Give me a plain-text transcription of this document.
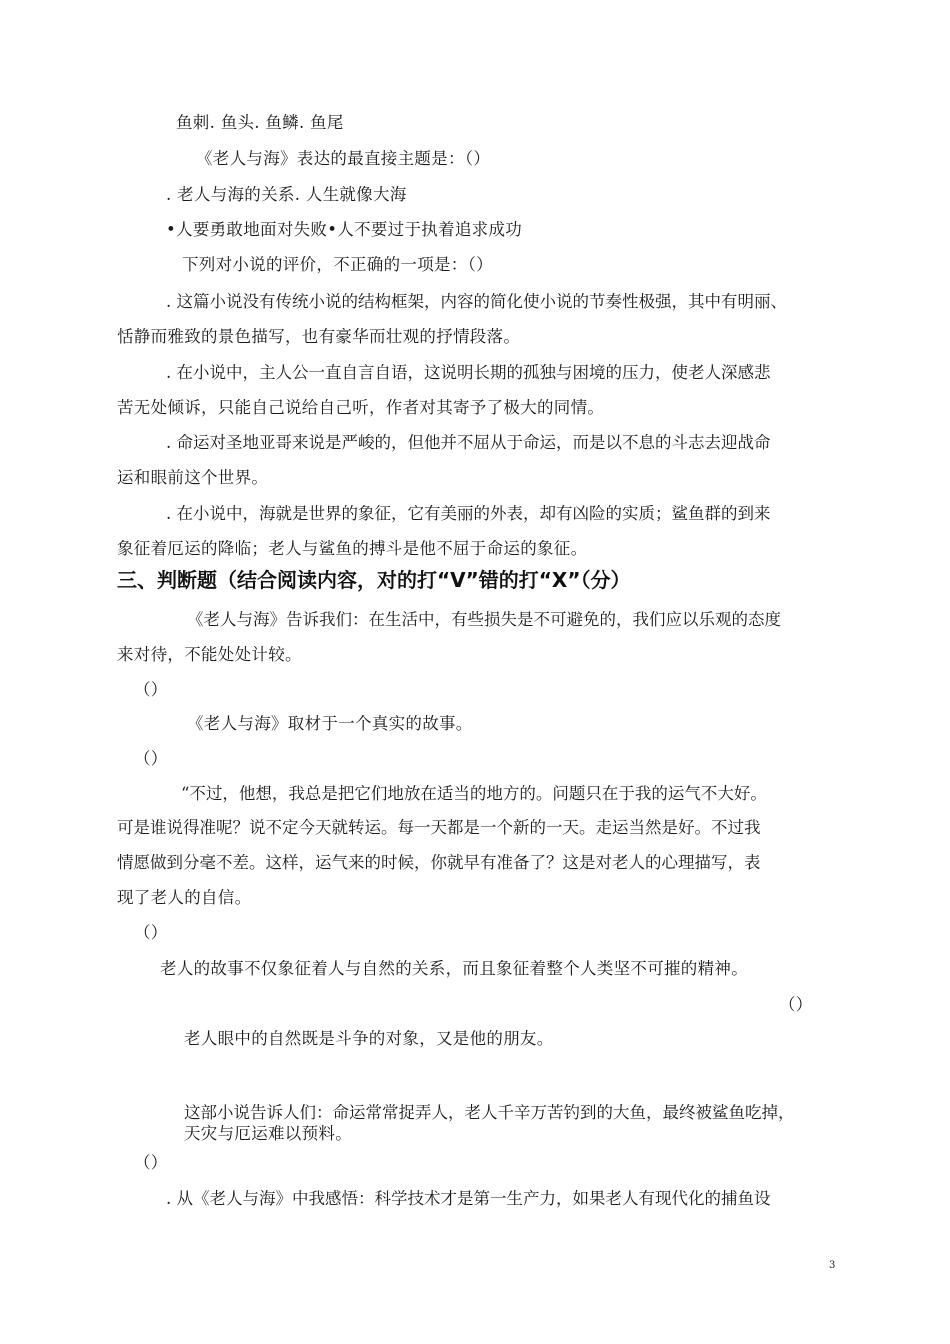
鱼刺. 鱼头. 鱼鳞. 鱼尾
《老人与海》表达的最直接主题是：（）
. 老人与海的关系. 人生就像大海
•人要勇敢地面对失败•人不要过于执着追求成功
下列对小说的评价，不正确的一项是：（）
. 这篇小说没有传统小说的结构框架，内容的简化使小说的节奏性极强，其中有明丽、
恬静而雅致的景色描写，也有豪华而壮观的抒情段落。
. 在小说中，主人公一直自言自语，这说明长期的孤独与困境的压力，使老人深感悲
苦无处倾诉，只能自己说给自己听，作者对其寄予了极大的同情。
. 命运对圣地亚哥来说是严峻的，但他并不屈从于命运，而是以不息的斗志去迎战命
运和眼前这个世界。
. 在小说中，海就是世界的象征，它有美丽的外表，却有凶险的实质；鲨鱼群的到来
象征着厄运的降临；老人与鲨鱼的搏斗是他不屈于命运的象征。
三、判断题（结合阅读内容，对的打“V”错的打“X”（分）
《老人与海》告诉我们：在生活中，有些损失是不可避免的，我们应以乐观的态度
来对待，不能处处计较。
（）
《老人与海》取材于一个真实的故事。
（）
“不过，他想，我总是把它们地放在适当的地方的。问题只在于我的运气不大好。
可是谁说得准呢？说不定今天就转运。每一天都是一个新的一天。走运当然是好。不过我
情愿做到分毫不差。这样，运气来的时候，你就早有准备了？这是对老人的心理描写，表
现了老人的自信。
（）
老人的故事不仅象征着人与自然的关系，而且象征着整个人类坚不可摧的精神。
（）
老人眼中的自然既是斗争的对象，又是他的朋友。
这部小说告诉人们：命运常常捉弄人，老人千辛万苦钓到的大鱼，最终被鲨鱼吃掉，
天灾与厄运难以预料。
（）
. 从《老人与海》中我感悟：科学技术才是第一生产力，如果老人有现代化的捕鱼设
3
